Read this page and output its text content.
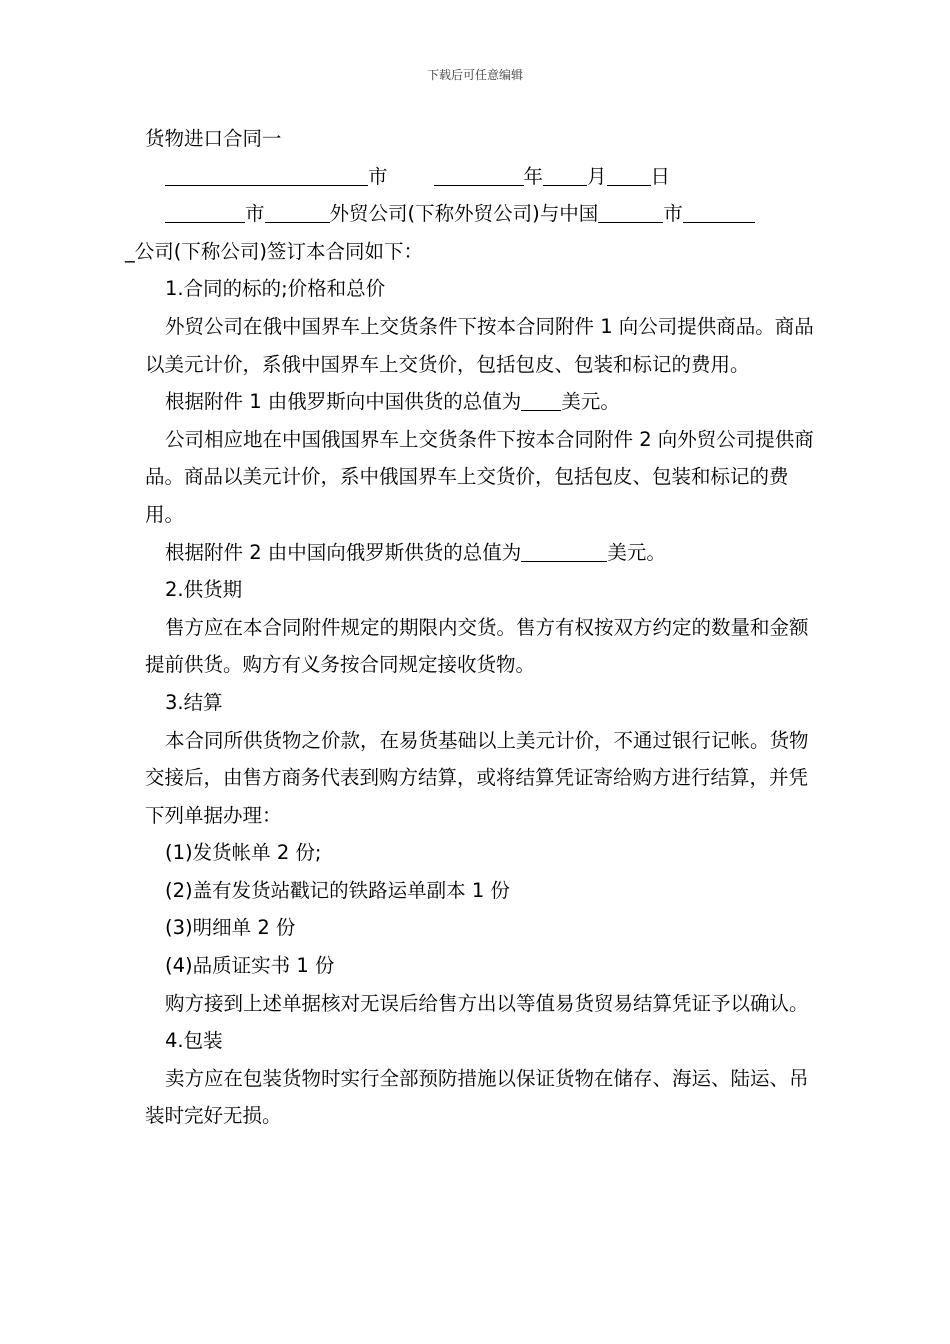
下载后可任意编辑

货物进口合同一

市	年 月 日

市	外贸公司(下称外贸公司)与中国	市
_公司(下称公司)签订本合同如下：

1.合同的标的;价格和总价

外贸公司在俄中国界车上交货条件下按本合同附件 1 向公司提供商品。商品以美元计价，系俄中国界车上交货价，包括包皮、包装和标记的费用。

根据附件 1 由俄罗斯向中国供货的总值为 美元。

公司相应地在中国俄国界车上交货条件下按本合同附件 2 向外贸公司提供商品。商品以美元计价，系中俄国界车上交货价，包括包皮、包装和标记的费用。

根据附件 2 由中国向俄罗斯供货的总值为	美元。

2.供货期

售方应在本合同附件规定的期限内交货。售方有权按双方约定的数量和金额提前供货。购方有义务按合同规定接收货物。

3.结算

本合同所供货物之价款，在易货基础以上美元计价，不通过银行记帐。货物交接后，由售方商务代表到购方结算，或将结算凭证寄给购方进行结算，并凭下列单据办理：

(1)发货帐单 2 份;

(2)盖有发货站戳记的铁路运单副本 1 份

(3)明细单 2 份

(4)品质证实书 1 份

购方接到上述单据核对无误后给售方出以等值易货贸易结算凭证予以确认。

4.包装

卖方应在包装货物时实行全部预防措施以保证货物在储存、海运、陆运、吊装时完好无损。
